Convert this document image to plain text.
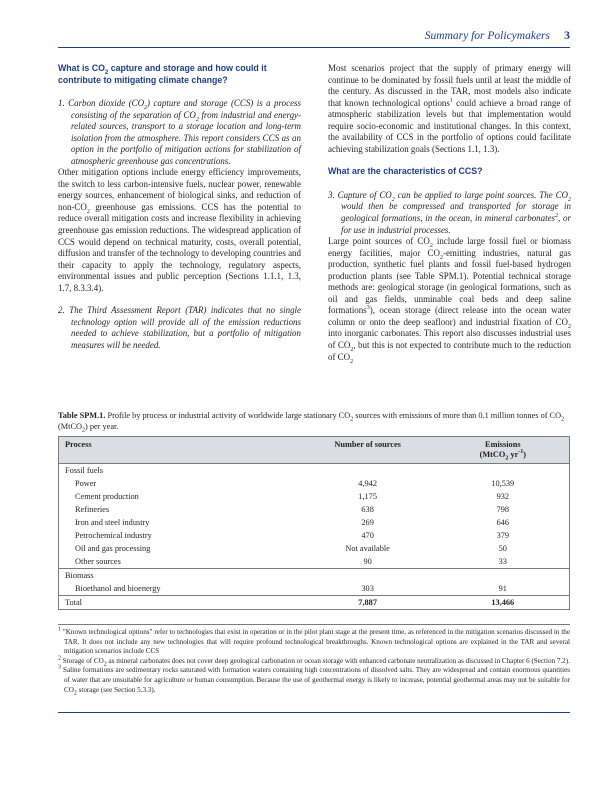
Summary for Policymakers 3

What is $CO_2$ capture and storage and how could it contribute to mitigating climate change?

1. Carbon dioxide $(CO_2)$ capture and storage (CCS) is a process consisting of the separation of $CO_2$ from industrial and energy-related sources, transport to a storage location and long-term isolation from the atmosphere. This report considers CCS as an option in the portfolio of mitigation actions for stabilization of atmospheric greenhouse gas concentrations.

Other mitigation options include energy efficiency improvements, the switch to less carbon-intensive fuels, nuclear power, renewable energy sources, enhancement of biological sinks, and reduction of non-$CO_2$ greenhouse gas emissions. CCS has the potential to reduce overall mitigation costs and increase flexibility in achieving greenhouse gas emission reductions. The widespread application of CCS would depend on technical maturity, costs, overall potential, diffusion and transfer of the technology to developing countries and their capacity to apply the technology, regulatory aspects, environmental issues and public perception (Sections 1.1.1, 1.3, 1.7, 8.3.3.4).

2. The Third Assessment Report (TAR) indicates that no single technology option will provide all of the emission reductions needed to achieve stabilization, but a portfolio of mitigation measures will be needed.

Most scenarios project that the supply of primary energy will continue to be dominated by fossil fuels until at least the middle of the century. As discussed in the TAR, most models also indicate that known technological options$^1$ could achieve a broad range of atmospheric stabilization levels but that implementation would require socio-economic and institutional changes. In this context, the availability of CCS in the portfolio of options could facilitate achieving stabilization goals (Sections 1.1, 1.3).

What are the characteristics of CCS?

3. Capture of $CO_2$ can be applied to large point sources. The $CO_2$ would then be compressed and transported for storage in geological formations, in the ocean, in mineral carbonates$^2$, or for use in industrial processes.

Large point sources of $CO_2$ include large fossil fuel or biomass energy facilities, major $CO_2$-emitting industries, natural gas production, synthetic fuel plants and fossil fuel-based hydrogen production plants (see Table SPM.1). Potential technical storage methods are: geological storage (in geological formations, such as oil and gas fields, unminable coal beds and deep saline formations$^3$), ocean storage (direct release into the ocean water column or onto the deep seafloor) and industrial fixation of $CO_2$ into inorganic carbonates. This report also discusses industrial uses of $CO_2$, but this is not expected to contribute much to the reduction of $CO_2$

Table SPM.1. Profile by process or industrial activity of worldwide large stationary $CO_2$ sources with emissions of more than 0.1 million tonnes of $CO_2$ (MtCO$_2$) per year.
Process	Number of sources	Emissions
(MtCO$_2$ $yr^{-1}$)
Fossil fuels		
Power	4,942	10,539
Cement production	1,175	932
Refineries	638	798
Iron and steel industry	269	646
Petrochemical industry	470	379
Oil and gas processing	Not available	50
Other sources	90	33
Biomass		
Bioethanol and bioenergy	303	91
Total	7,887	13,466

$^1$ "Known technological options" refer to technologies that exist in operation or in the pilot plant stage at the present time, as referenced in the mitigation scenarios discussed in the TAR. It does not include any new technologies that will require profound technological breakthroughs. Known technological options are explained in the TAR and several mitigation scenarios include CCS

$^2$ Storage of $CO_2$ as mineral carbonates does not cover deep geological carbonation or ocean storage with enhanced carbonate neutralization as discussed in Chapter 6 (Section 7.2).

$^3$ Saline formations are sedimentary rocks saturated with formation waters containing high concentrations of dissolved salts. They are widespread and contain enormous quantities of water that are unsuitable for agriculture or human consumption. Because the use of geothermal energy is likely to increase, potential geothermal areas may not be suitable for $CO_2$ storage (see Section 5.3.3).
